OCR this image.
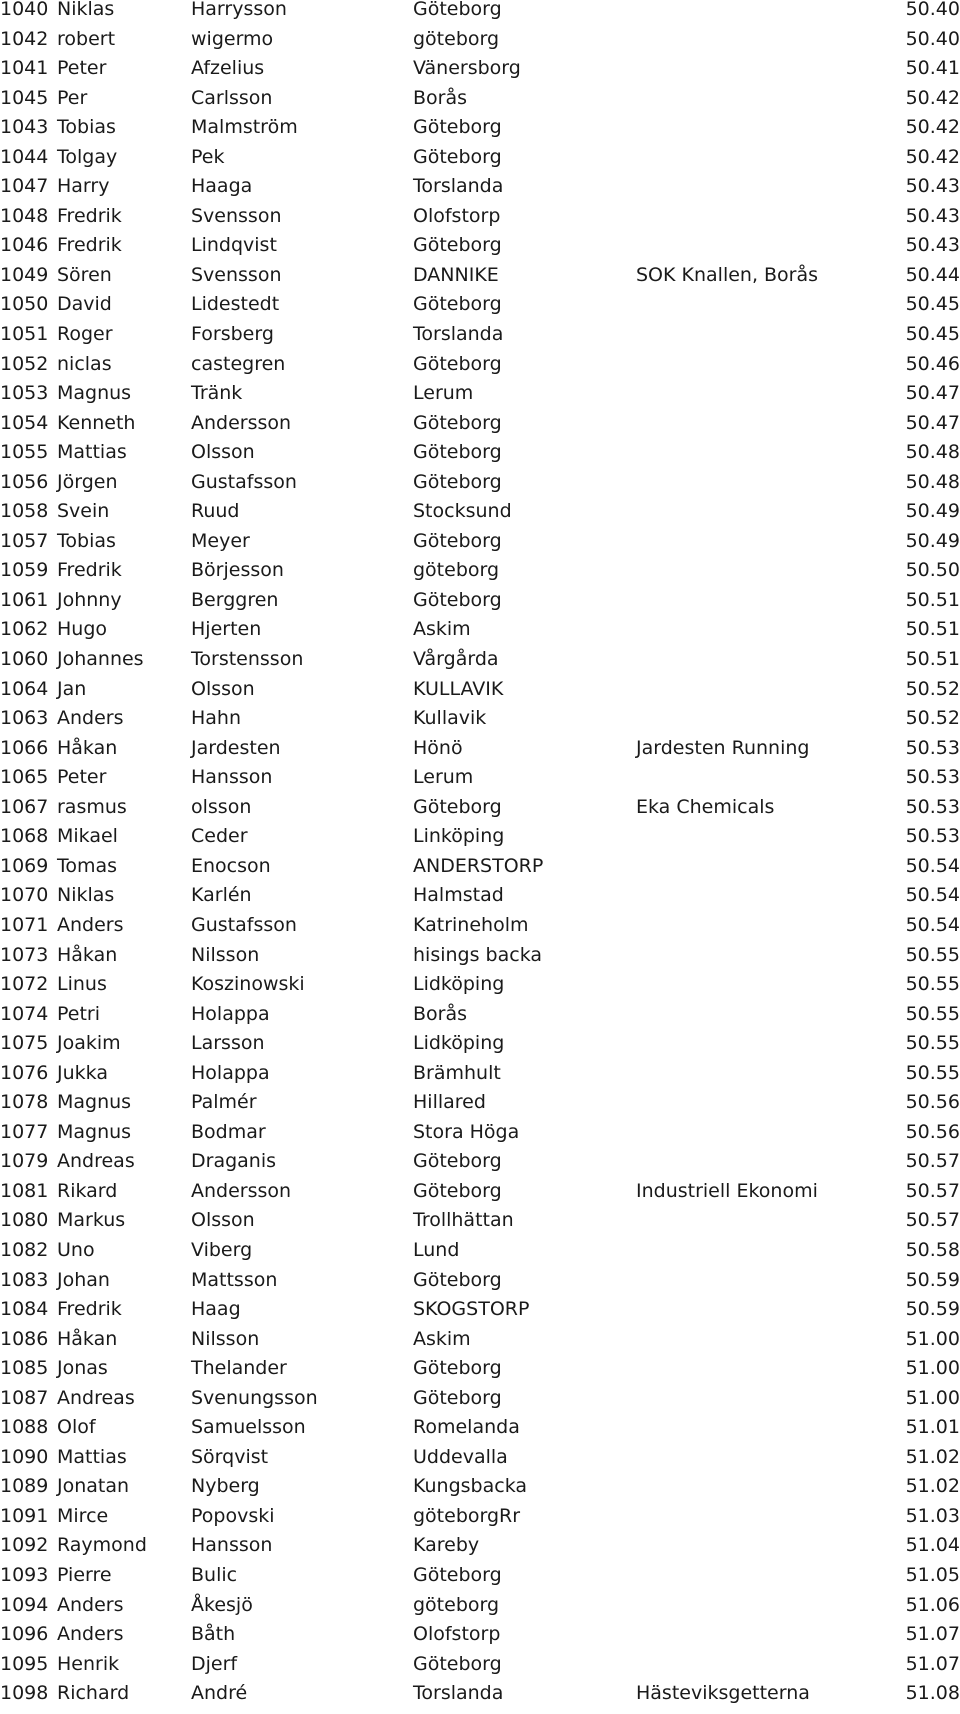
1040 Niklas	Harrysson	Göteborg	50.40
1042 robert	wigermo	göteborg	50.40
1041 Peter	Afzelius	Vänersborg	50.41
1045 Per	Carlsson	Borås	50.42
1043 Tobias	Malmström	Göteborg	50.42
1044 Tolgay	Pek	Göteborg	50.42
1047 Harry	Haaga	Torslanda	50.43
1048 Fredrik	Svensson	Olofstorp	50.43
1046 Fredrik	Lindqvist	Göteborg	50.43
1049 Sören	Svensson	DANNIKE	SOK Knallen, Borås	50.44
1050 David	Lidestedt	Göteborg	50.45
1051 Roger	Forsberg	Torslanda	50.45
1052 niclas	castegren	Göteborg	50.46
1053 Magnus	Tränk	Lerum	50.47
1054 Kenneth	Andersson	Göteborg	50.47
1055 Mattias	Olsson	Göteborg	50.48
1056 Jörgen	Gustafsson	Göteborg	50.48
1058 Svein	Ruud	Stocksund	50.49
1057 Tobias	Meyer	Göteborg	50.49
1059 Fredrik	Börjesson	göteborg	50.50
1061 Johnny	Berggren	Göteborg	50.51
1062 Hugo	Hjerten	Askim	50.51
1060 Johannes Torstensson	Vårgårda	50.51
1064 Jan	Olsson	KULLAVIK	50.52
1063 Anders	Hahn	Kullavik	50.52
1066 Håkan	Jardesten	Hönö	Jardesten Running	50.53
1065 Peter	Hansson	Lerum	50.53
1067 rasmus	olsson	Göteborg	Eka Chemicals	50.53
1068 Mikael	Ceder	Linköping	50.53
1069 Tomas	Enocson	ANDERSTORP	50.54
1070 Niklas	Karlén	Halmstad	50.54
1071 Anders	Gustafsson	Katrineholm	50.54
1073 Håkan	Nilsson	hisings backa	50.55
1072 Linus	Koszinowski	Lidköping	50.55
1074 Petri	Holappa	Borås	50.55
1075 Joakim	Larsson	Lidköping	50.55
1076 Jukka	Holappa	Brämhult	50.55
1078 Magnus	Palmér	Hillared	50.56
1077 Magnus	Bodmar	Stora Höga	50.56
1079 Andreas	Draganis	Göteborg	50.57
1081 Rikard	Andersson	Göteborg	Industriell Ekonomi	50.57
1080 Markus	Olsson	Trollhättan	50.57
1082 Uno	Viberg	Lund	50.58
1083 Johan	Mattsson	Göteborg	50.59
1084 Fredrik	Haag	SKOGSTORP	50.59
1086 Håkan	Nilsson	Askim	51.00
1085 Jonas	Thelander	Göteborg	51.00
1087 Andreas	Svenungsson	Göteborg	51.00
1088 Olof	Samuelsson	Romelanda	51.01
1090 Mattias	Sörqvist	Uddevalla	51.02
1089 Jonatan	Nyberg	Kungsbacka	51.02
1091 Mirce	Popovski	göteborgRr	51.03
1092 Raymond Hansson	Kareby	51.04
1093 Pierre	Bulic	Göteborg	51.05
1094 Anders	Åkesjö	göteborg	51.06
1096 Anders	Båth	Olofstorp	51.07
1095 Henrik	Djerf	Göteborg	51.07
1098 Richard	André	Torslanda	Hästeviksgetterna	51.08
